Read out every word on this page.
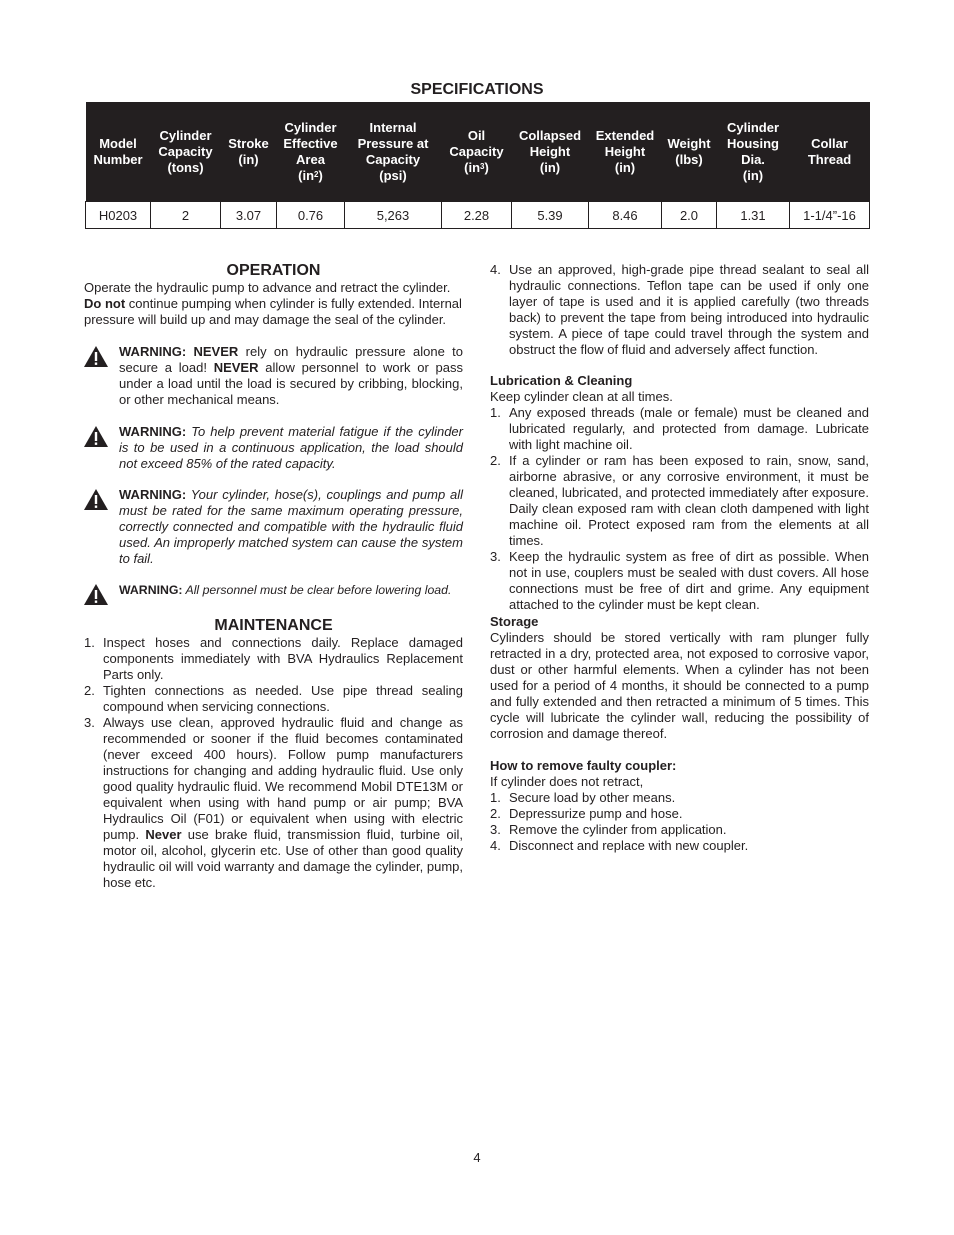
SPECIFICATIONS
Model
Number	Cylinder
Capacity
(tons)	Stroke
(in)	Cylinder
Effective
Area
$(in^2)$	Internal
Pressure at
Capacity
(psi)	Oil
Capacity
$(in^3)$	Collapsed
Height
(in)	Extended
Height
(in)	Weight
(lbs)	Cylinder
Housing
Dia.
(in)	Collar
Thread
H0203	2	3.07	0.76	5,263	2.28	5.39	8.46	2.0	1.31	1-1/4”-16
OPERATION

Operate the hydraulic pump to advance and retract the cylinder.
Do not continue pumping when cylinder is fully extended. Internal pressure will build up and may damage the seal of the cylinder.

WARNING: NEVER rely on hydraulic pressure alone to secure a load! NEVER allow personnel to work or pass under a load until the load is secured by cribbing, blocking, or other mechanical means.
WARNING: To help prevent material fatigue if the cylinder is to be used in a continuous application, the load should not exceed 85% of the rated capacity.
WARNING: Your cylinder, hose(s), couplings and pump all must be rated for the same maximum operating pressure, correctly connected and compatible with the hydraulic fluid used. An improperly matched system can cause the system to fail.
WARNING: All personnel must be clear before lowering load.
MAINTENANCE
1. Inspect hoses and connections daily. Replace damaged components immediately with BVA Hydraulics Replacement Parts only.
2. Tighten connections as needed. Use pipe thread sealing compound when servicing connections.
3. Always use clean, approved hydraulic fluid and change as recommended or sooner if the fluid becomes contaminated (never exceed 400 hours). Follow pump manufacturers instructions for changing and adding hydraulic fluid. Use only good quality hydraulic fluid. We recommend Mobil DTE13M or equivalent when using with hand pump or air pump; BVA Hydraulics Oil (F01) or equivalent when using with electric pump. Never use brake fluid, transmission fluid, turbine oil, motor oil, alcohol, glycerin etc. Use of other than good quality hydraulic oil will void warranty and damage the cylinder, pump, hose etc.
4. Use an approved, high-grade pipe thread sealant to seal all hydraulic connections. Teflon tape can be used if only one layer of tape is used and it is applied carefully (two threads back) to prevent the tape from being introduced into hydraulic system. A piece of tape could travel through the system and obstruct the flow of fluid and adversely affect function.
Lubrication & Cleaning

Keep cylinder clean at all times.

1. Any exposed threads (male or female) must be cleaned and lubricated regularly, and protected from damage. Lubricate with light machine oil.
2. If a cylinder or ram has been exposed to rain, snow, sand, airborne abrasive, or any corrosive environment, it must be cleaned, lubricated, and protected immediately after exposure. Daily clean exposed ram with clean cloth dampened with light machine oil. Protect exposed ram from the elements at all times.
3. Keep the hydraulic system as free of dirt as possible. When not in use, couplers must be sealed with dust covers. All hose connections must be free of dirt and grime. Any equipment attached to the cylinder must be kept clean.
Storage

Cylinders should be stored vertically with ram plunger fully retracted in a dry, protected area, not exposed to corrosive vapor, dust or other harmful elements. When a cylinder has not been used for a period of 4 months, it should be connected to a pump and fully extended and then retracted a minimum of 5 times. This cycle will lubricate the cylinder wall, reducing the possibility of corrosion and damage thereof.

How to remove faulty coupler:

If cylinder does not retract,

1. Secure load by other means.
2. Depressurize pump and hose.
3. Remove the cylinder from application.
4. Disconnect and replace with new coupler.
4
